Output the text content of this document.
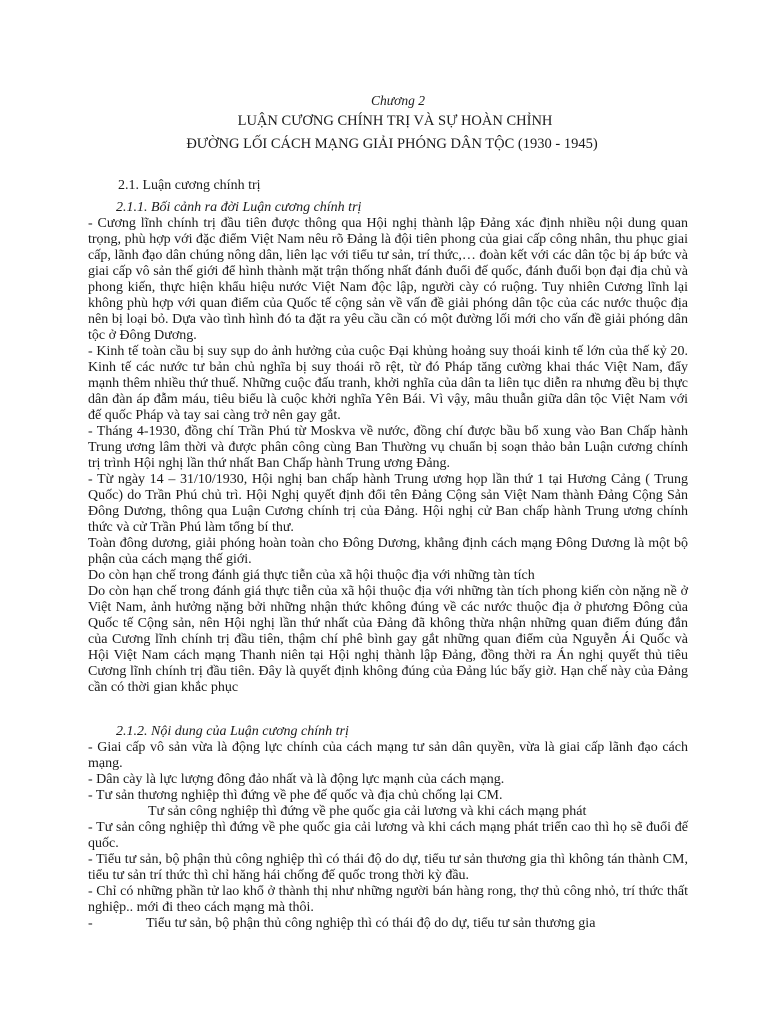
Chương 2
LUẬN CƯƠNG CHÍNH TRỊ VÀ SỰ HOÀN CHỈNH
ĐƯỜNG LỐI CÁCH MẠNG GIẢI PHÓNG DÂN TỘC (1930 - 1945)
2.1. Luận cương chính trị
2.1.1. Bối cảnh ra đời Luận cương chính trị

- Cương lĩnh chính trị đầu tiên được thông qua Hội nghị thành lập Đảng xác định nhiều nội dung quan trọng, phù hợp với đặc điểm Việt Nam nêu rõ Đảng là đội tiên phong của giai cấp công nhân, thu phục giai cấp, lãnh đạo dân chúng nông dân, liên lạc với tiểu tư sản, trí thức,… đoàn kết với các dân tộc bị áp bức và giai cấp vô sản thế giới để hình thành mặt trận thống nhất đánh đuổi đế quốc, đánh đuổi bọn đại địa chủ và phong kiến, thực hiện khẩu hiệu nước Việt Nam độc lập, người cày có ruộng. Tuy nhiên Cương lĩnh lại không phù hợp với quan điểm của Quốc tế cộng sản về vấn đề giải phóng dân tộc của các nước thuộc địa nên bị loại bỏ. Dựa vào tình hình đó ta đặt ra yêu cầu cần có một đường lối mới cho vấn đề giải phóng dân tộc ở Đông Dương.

- Kinh tế toàn cầu bị suy sụp do ảnh hưởng của cuộc Đại khủng hoảng suy thoái kinh tế lớn của thế kỷ 20. Kinh tế các nước tư bản chủ nghĩa bị suy thoái rõ rệt, từ đó Pháp tăng cường khai thác Việt Nam, đẩy mạnh thêm nhiều thứ thuế. Những cuộc đấu tranh, khởi nghĩa của dân ta liên tục diễn ra nhưng đều bị thực dân đàn áp đẫm máu, tiêu biểu là cuộc khởi nghĩa Yên Bái. Vì vậy, mâu thuẫn giữa dân tộc Việt Nam với đế quốc Pháp và tay sai càng trở nên gay gắt.

- Tháng 4-1930, đồng chí Trần Phú từ Moskva về nước, đồng chí được bầu bổ xung vào Ban Chấp hành Trung ương lâm thời và được phân công cùng Ban Thường vụ chuẩn bị soạn thảo bản Luận cương chính trị trình Hội nghị lần thứ nhất Ban Chấp hành Trung ương Đảng.

- Từ ngày 14 – 31/10/1930, Hội nghị ban chấp hành Trung ương họp lần thứ 1 tại Hương Cảng ( Trung Quốc) do Trần Phú chủ trì. Hội Nghị quyết định đổi tên Đảng Cộng sản Việt Nam thành Đảng Cộng Sản Đông Dương, thông qua Luận Cương chính trị của Đảng. Hội nghị cử Ban chấp hành Trung ương chính thức và cử Trần Phú làm tổng bí thư.

Toàn đông dương, giải phóng hoàn toàn cho Đông Dương, khẳng định cách mạng Đông Dương là một bộ phận của cách mạng thế giới.

Do còn hạn chế trong đánh giá thực tiễn của xã hội thuộc địa với những tàn tích

Do còn hạn chế trong đánh giá thực tiễn của xã hội thuộc địa với những tàn tích phong kiến còn nặng nề ở Việt Nam, ảnh hưởng nặng bởi những nhận thức không đúng về các nước thuộc địa ở phương Đông của Quốc tế Cộng sản, nên Hội nghị lần thứ nhất của Đảng đã không thừa nhận những quan điểm đúng đắn của Cương lĩnh chính trị đầu tiên, thậm chí phê bình gay gắt những quan điểm của Nguyễn Ái Quốc và Hội Việt Nam cách mạng Thanh niên tại Hội nghị thành lập Đảng, đồng thời ra Án nghị quyết thủ tiêu Cương lĩnh chính trị đầu tiên. Đây là quyết định không đúng của Đảng lúc bấy giờ. Hạn chế này của Đảng cần có thời gian khắc phục

2.1.2. Nội dung của Luận cương chính trị

- Giai cấp vô sản vừa là động lực chính của cách mạng tư sản dân quyền, vừa là giai cấp lãnh đạo cách mạng.

- Dân cày là lực lượng đông đảo nhất và là động lực mạnh của cách mạng.

- Tư sản thương nghiệp thì đứng về phe đế quốc và địa chủ chống lại CM.

Tư sản công nghiệp thì đứng về phe quốc gia cải lương và khi cách mạng phát

- Tư sản công nghiệp thì đứng về phe quốc gia cải lương và khi cách mạng phát triển cao thì họ sẽ đuổi đế quốc.

- Tiểu tư sản, bộ phận thủ công nghiệp thì có thái độ do dự, tiểu tư sản thương gia thì không tán thành CM, tiểu tư sản trí thức thì chỉ hăng hái chống đế quốc trong thời kỳ đầu.

- Chỉ có những phần tử lao khổ ở thành thị như những người bán hàng rong, thợ thủ công nhỏ, trí thức thất nghiệp.. mới đi theo cách mạng mà thôi.

-	Tiểu tư sản, bộ phận thủ công nghiệp thì có thái độ do dự, tiểu tư sản thương gia
